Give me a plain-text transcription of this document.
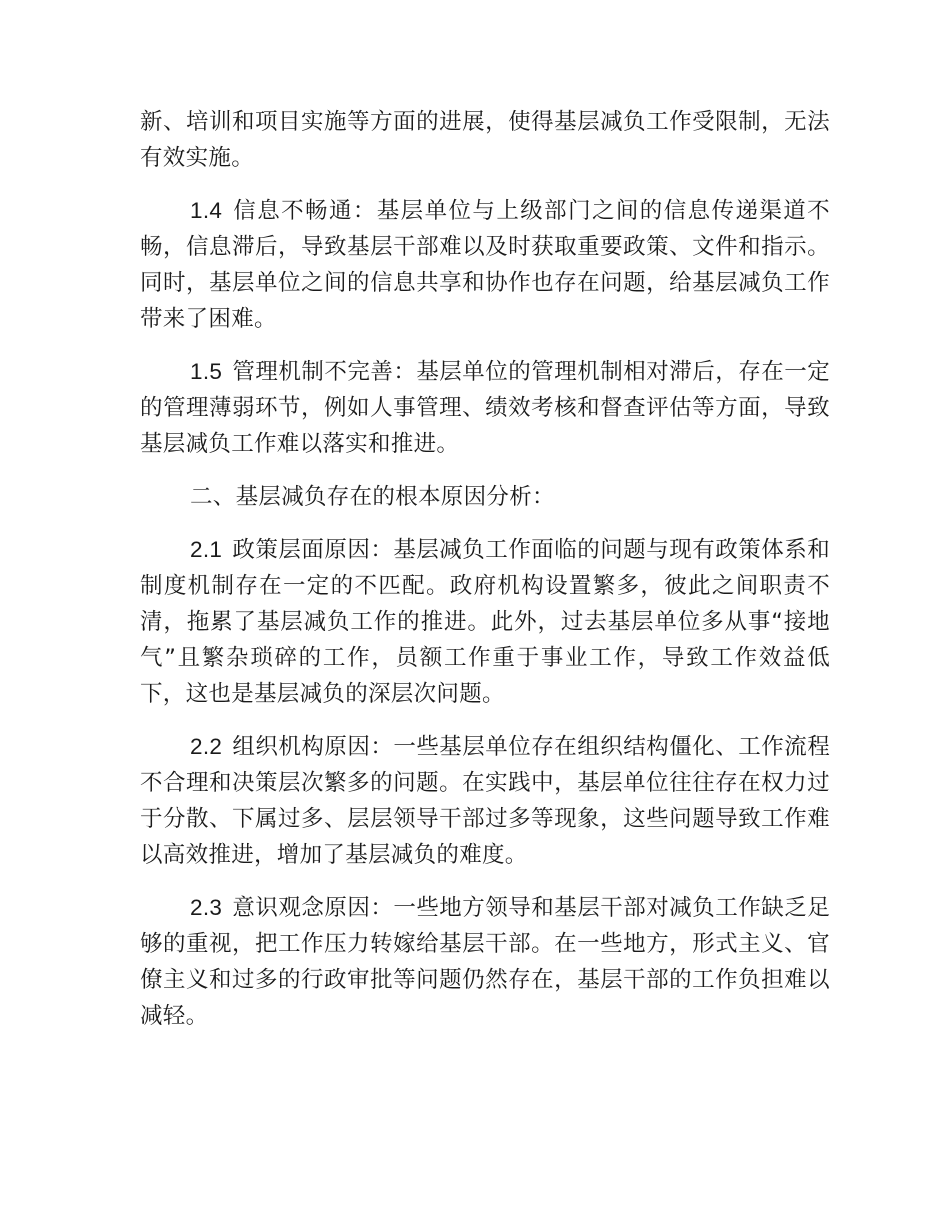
新、培训和项目实施等方面的进展，使得基层减负工作受限制，无法有效实施。

1.4 信息不畅通：基层单位与上级部门之间的信息传递渠道不畅，信息滞后，导致基层干部难以及时获取重要政策、文件和指示。同时，基层单位之间的信息共享和协作也存在问题，给基层减负工作带来了困难。

1.5 管理机制不完善：基层单位的管理机制相对滞后，存在一定的管理薄弱环节，例如人事管理、绩效考核和督查评估等方面，导致基层减负工作难以落实和推进。

二、基层减负存在的根本原因分析：

2.1 政策层面原因：基层减负工作面临的问题与现有政策体系和制度机制存在一定的不匹配。政府机构设置繁多，彼此之间职责不清，拖累了基层减负工作的推进。此外，过去基层单位多从事“接地气”且繁杂琐碎的工作，员额工作重于事业工作，导致工作效益低下，这也是基层减负的深层次问题。

2.2 组织机构原因：一些基层单位存在组织结构僵化、工作流程不合理和决策层次繁多的问题。在实践中，基层单位往往存在权力过于分散、下属过多、层层领导干部过多等现象，这些问题导致工作难以高效推进，增加了基层减负的难度。

2.3 意识观念原因：一些地方领导和基层干部对减负工作缺乏足够的重视，把工作压力转嫁给基层干部。在一些地方，形式主义、官僚主义和过多的行政审批等问题仍然存在，基层干部的工作负担难以减轻。
